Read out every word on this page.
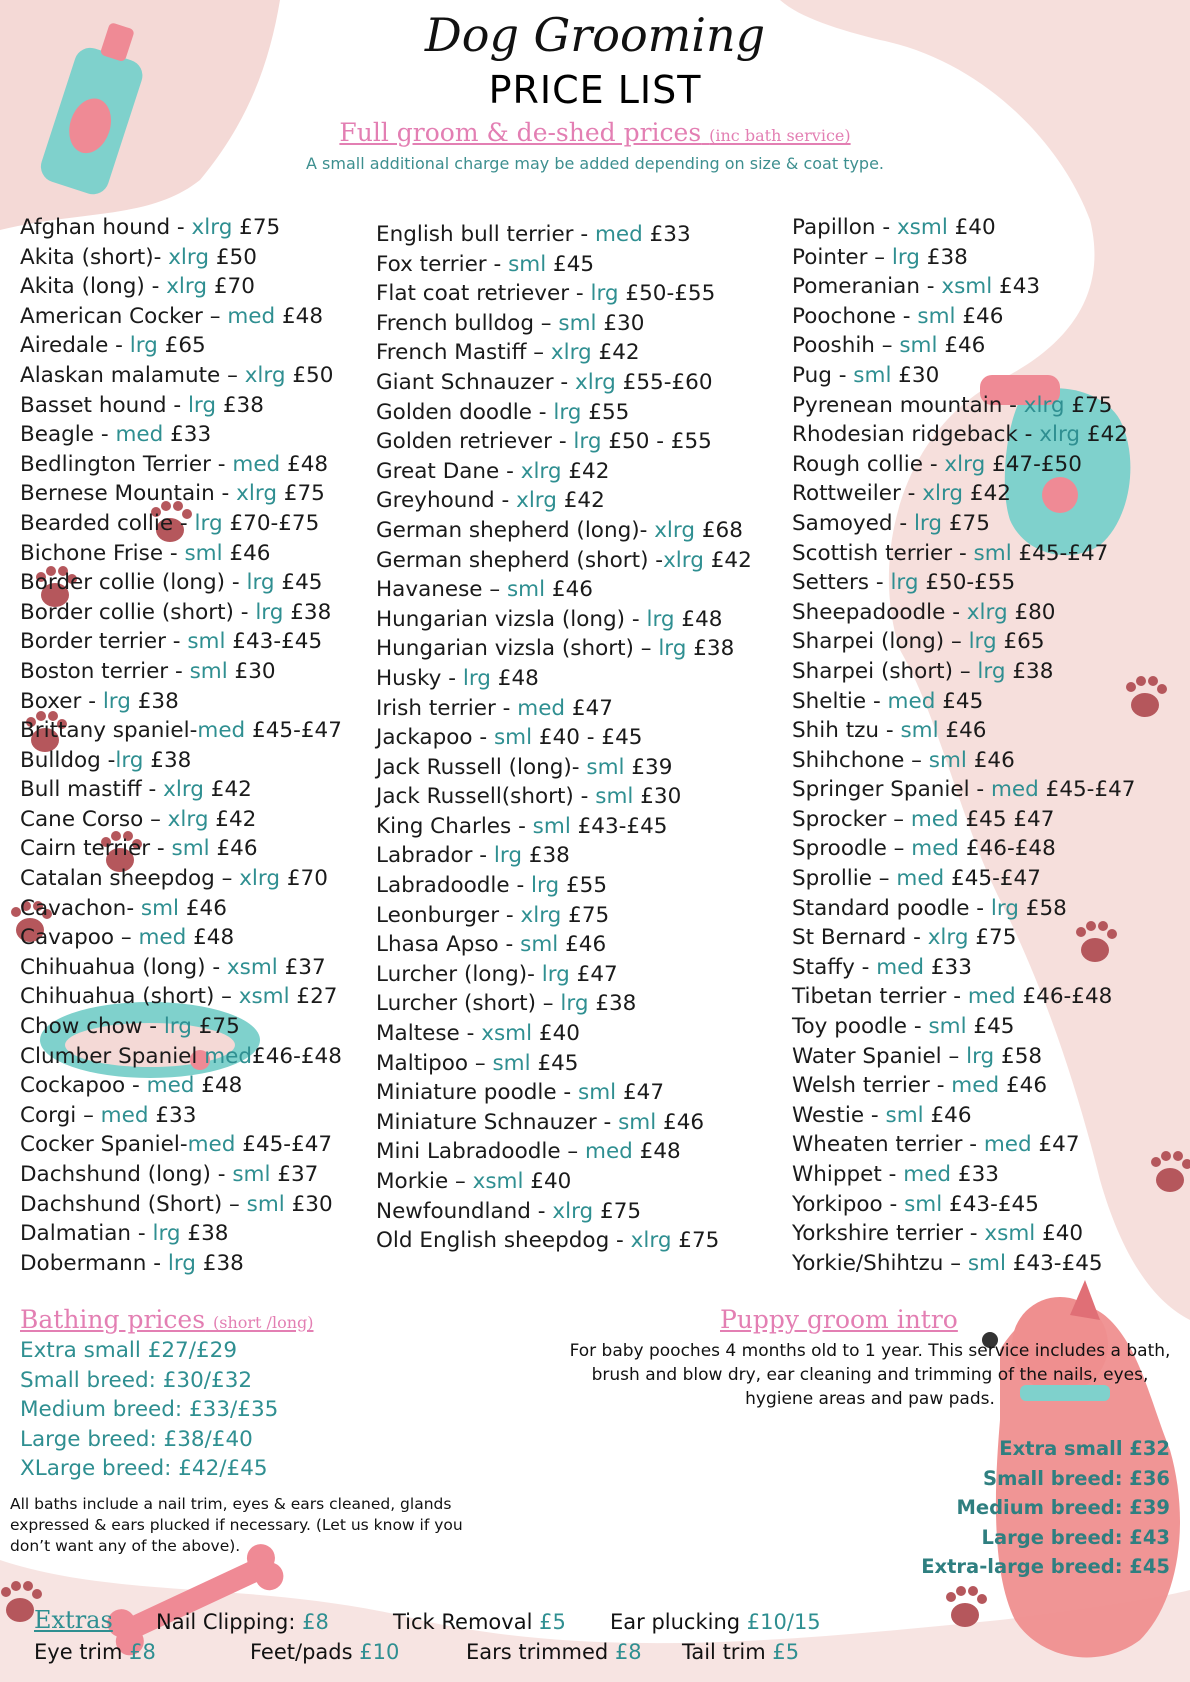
Dog Grooming
PRICE LIST
Full groom & de-shed prices (inc bath service)
A small additional charge may be added depending on size & coat type.
Afghan hound - xlrg £75
Akita (short)- xlrg £50
Akita (long) - xlrg £70
American Cocker – med £48
Airedale - lrg £65
Alaskan malamute – xlrg £50
Basset hound - lrg £38
Beagle - med £33
Bedlington Terrier - med £48
Bernese Mountain - xlrg £75
Bearded collie - lrg £70-£75
Bichone Frise - sml £46
Border collie (long) - lrg £45
Border collie (short) - lrg £38
Border terrier - sml £43-£45
Boston terrier - sml £30
Boxer - lrg £38
Brittany spaniel-med £45-£47
Bulldog -lrg £38
Bull mastiff - xlrg £42
Cane Corso – xlrg £42
Cairn terrier - sml £46
Catalan sheepdog – xlrg £70
Cavachon- sml £46
Cavapoo – med £48
Chihuahua (long) - xsml £37
Chihuahua (short) – xsml £27
Chow chow - lrg £75
Clumber Spaniel med£46-£48
Cockapoo - med £48
Corgi – med £33
Cocker Spaniel-med £45-£47
Dachshund (long) - sml £37
Dachshund (Short) – sml £30
Dalmatian - lrg £38
Dobermann - lrg £38
English bull terrier - med £33
Fox terrier - sml £45
Flat coat retriever - lrg £50-£55
French bulldog – sml £30
French Mastiff – xlrg £42
Giant Schnauzer - xlrg £55-£60
Golden doodle - lrg £55
Golden retriever - lrg £50 - £55
Great Dane - xlrg £42
Greyhound - xlrg £42
German shepherd (long)- xlrg £68
German shepherd (short) -xlrg £42
Havanese – sml £46
Hungarian vizsla (long) - lrg £48
Hungarian vizsla (short) – lrg £38
Husky - lrg £48
Irish terrier - med £47
Jackapoo - sml £40 - £45
Jack Russell (long)- sml £39
Jack Russell(short) - sml £30
King Charles - sml £43-£45
Labrador - lrg £38
Labradoodle - lrg £55
Leonburger - xlrg £75
Lhasa Apso - sml £46
Lurcher (long)- lrg £47
Lurcher (short) – lrg £38
Maltese - xsml £40
Maltipoo – sml £45
Miniature poodle - sml £47
Miniature Schnauzer - sml £46
Mini Labradoodle – med £48
Morkie – xsml £40
Newfoundland - xlrg £75
Old English sheepdog - xlrg £75
Papillon - xsml £40
Pointer – lrg £38
Pomeranian - xsml £43
Poochone - sml £46
Pooshih – sml £46
Pug - sml £30
Pyrenean mountain - xlrg £75
Rhodesian ridgeback - xlrg £42
Rough collie - xlrg £47-£50
Rottweiler - xlrg £42
Samoyed - lrg £75
Scottish terrier - sml £45-£47
Setters - lrg £50-£55
Sheepadoodle - xlrg £80
Sharpei (long) – lrg £65
Sharpei (short) – lrg £38
Sheltie - med £45
Shih tzu - sml £46
Shihchone – sml £46
Springer Spaniel - med £45-£47
Sprocker – med £45 £47
Sproodle – med £46-£48
Sprollie – med £45-£47
Standard poodle - lrg £58
St Bernard - xlrg £75
Staffy - med £33
Tibetan terrier - med £46-£48
Toy poodle - sml £45
Water Spaniel – lrg £58
Welsh terrier - med £46
Westie - sml £46
Wheaten terrier - med £47
Whippet - med £33
Yorkipoo - sml £43-£45
Yorkshire terrier - xsml £40
Yorkie/Shihtzu – sml £43-£45
Bathing prices (short /long)
Extra small £27/£29
Small breed: £30/£32
Medium breed: £33/£35
Large breed: £38/£40
XLarge breed: £42/£45
All baths include a nail trim, eyes & ears cleaned, glands expressed & ears plucked if necessary. (Let us know if you don’t want any of the above).
Puppy groom intro
For baby pooches 4 months old to 1 year. This service includes a bath, brush and blow dry, ear cleaning and trimming of the nails, eyes, hygiene areas and paw pads.
Extra small £32
Small breed: £36
Medium breed: £39
Large breed: £43
Extra-large breed: £45
Extras Nail Clipping: £8	Tick Removal £5 Ear plucking £10/15
Eye trim £8	Feet/pads £10	Ears trimmed £8 Tail trim £5
